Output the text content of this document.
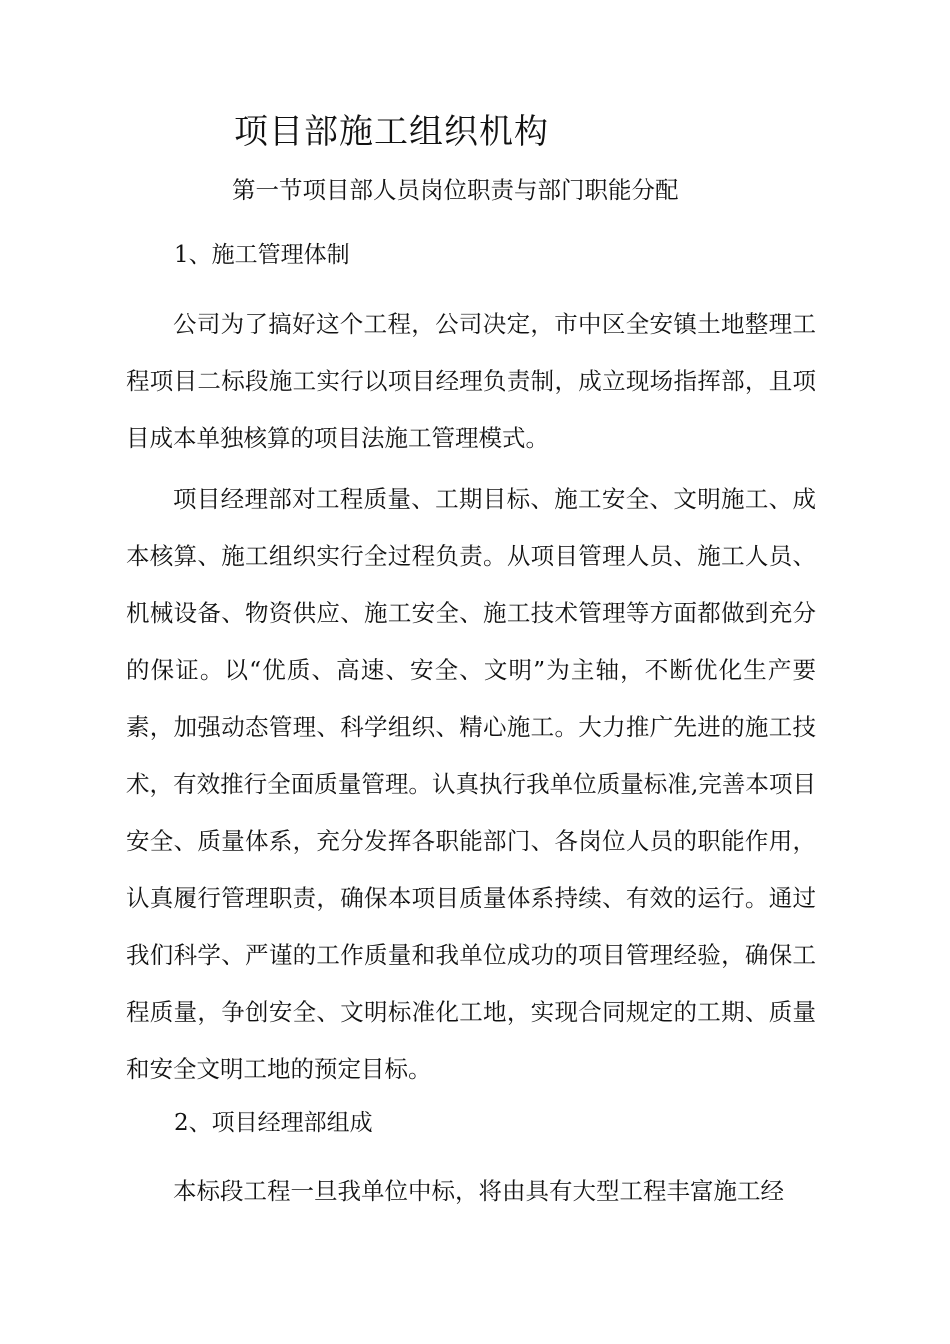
项目部施工组织机构
第一节项目部人员岗位职责与部门职能分配
1、施工管理体制

公司为了搞好这个工程，公司决定，市中区全安镇土地整理工程项目二标段施工实行以项目经理负责制，成立现场指挥部，且项目成本单独核算的项目法施工管理模式。

项目经理部对工程质量、工期目标、施工安全、文明施工、成本核算、施工组织实行全过程负责。从项目管理人员、施工人员、机械设备、物资供应、施工安全、施工技术管理等方面都做到充分的保证。以“优质、高速、安全、文明”为主轴，不断优化生产要素，加强动态管理、科学组织、精心施工。大力推广先进的施工技术，有效推行全面质量管理。认真执行我单位质量标准,完善本项目安全、质量体系，充分发挥各职能部门、各岗位人员的职能作用，认真履行管理职责，确保本项目质量体系持续、有效的运行。通过我们科学、严谨的工作质量和我单位成功的项目管理经验，确保工程质量，争创安全、文明标准化工地，实现合同规定的工期、质量和安全文明工地的预定目标。

2、项目经理部组成

本标段工程一旦我单位中标，将由具有大型工程丰富施工经
